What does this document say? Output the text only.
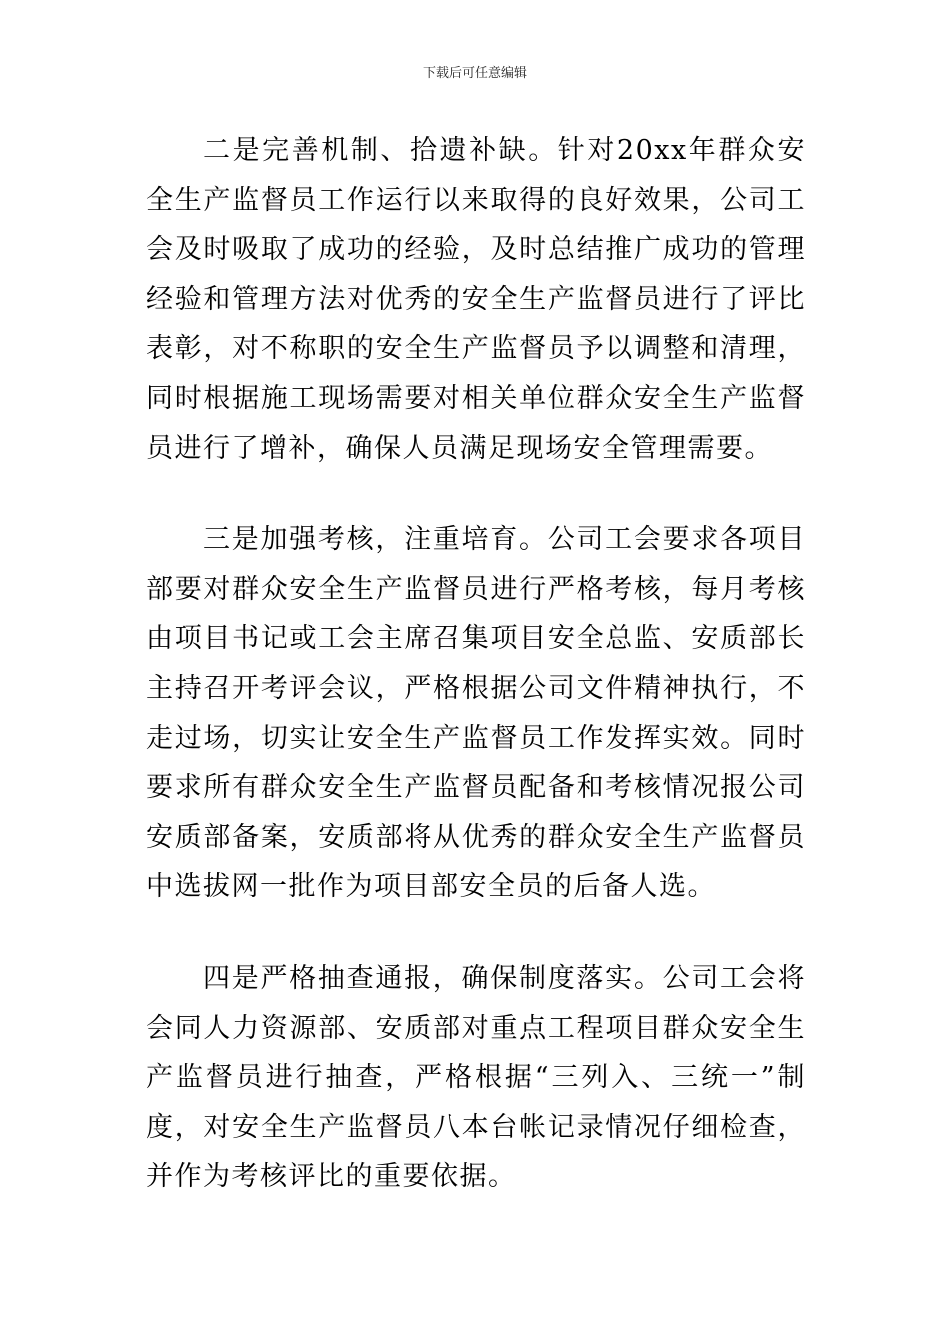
下载后可任意编辑

二是完善机制、拾遗补缺。针对20xx年群众安全生产监督员工作运行以来取得的良好效果，公司工会及时吸取了成功的经验，及时总结推广成功的管理经验和管理方法对优秀的安全生产监督员进行了评比表彰，对不称职的安全生产监督员予以调整和清理，同时根据施工现场需要对相关单位群众安全生产监督员进行了增补，确保人员满足现场安全管理需要。

三是加强考核，注重培育。公司工会要求各项目部要对群众安全生产监督员进行严格考核，每月考核由项目书记或工会主席召集项目安全总监、安质部长主持召开考评会议，严格根据公司文件精神执行，不走过场，切实让安全生产监督员工作发挥实效。同时要求所有群众安全生产监督员配备和考核情况报公司安质部备案，安质部将从优秀的群众安全生产监督员中选拔网一批作为项目部安全员的后备人选。

四是严格抽查通报，确保制度落实。公司工会将会同人力资源部、安质部对重点工程项目群众安全生产监督员进行抽查，严格根据“三列入、三统一”制度，对安全生产监督员八本台帐记录情况仔细检查，并作为考核评比的重要依据。
